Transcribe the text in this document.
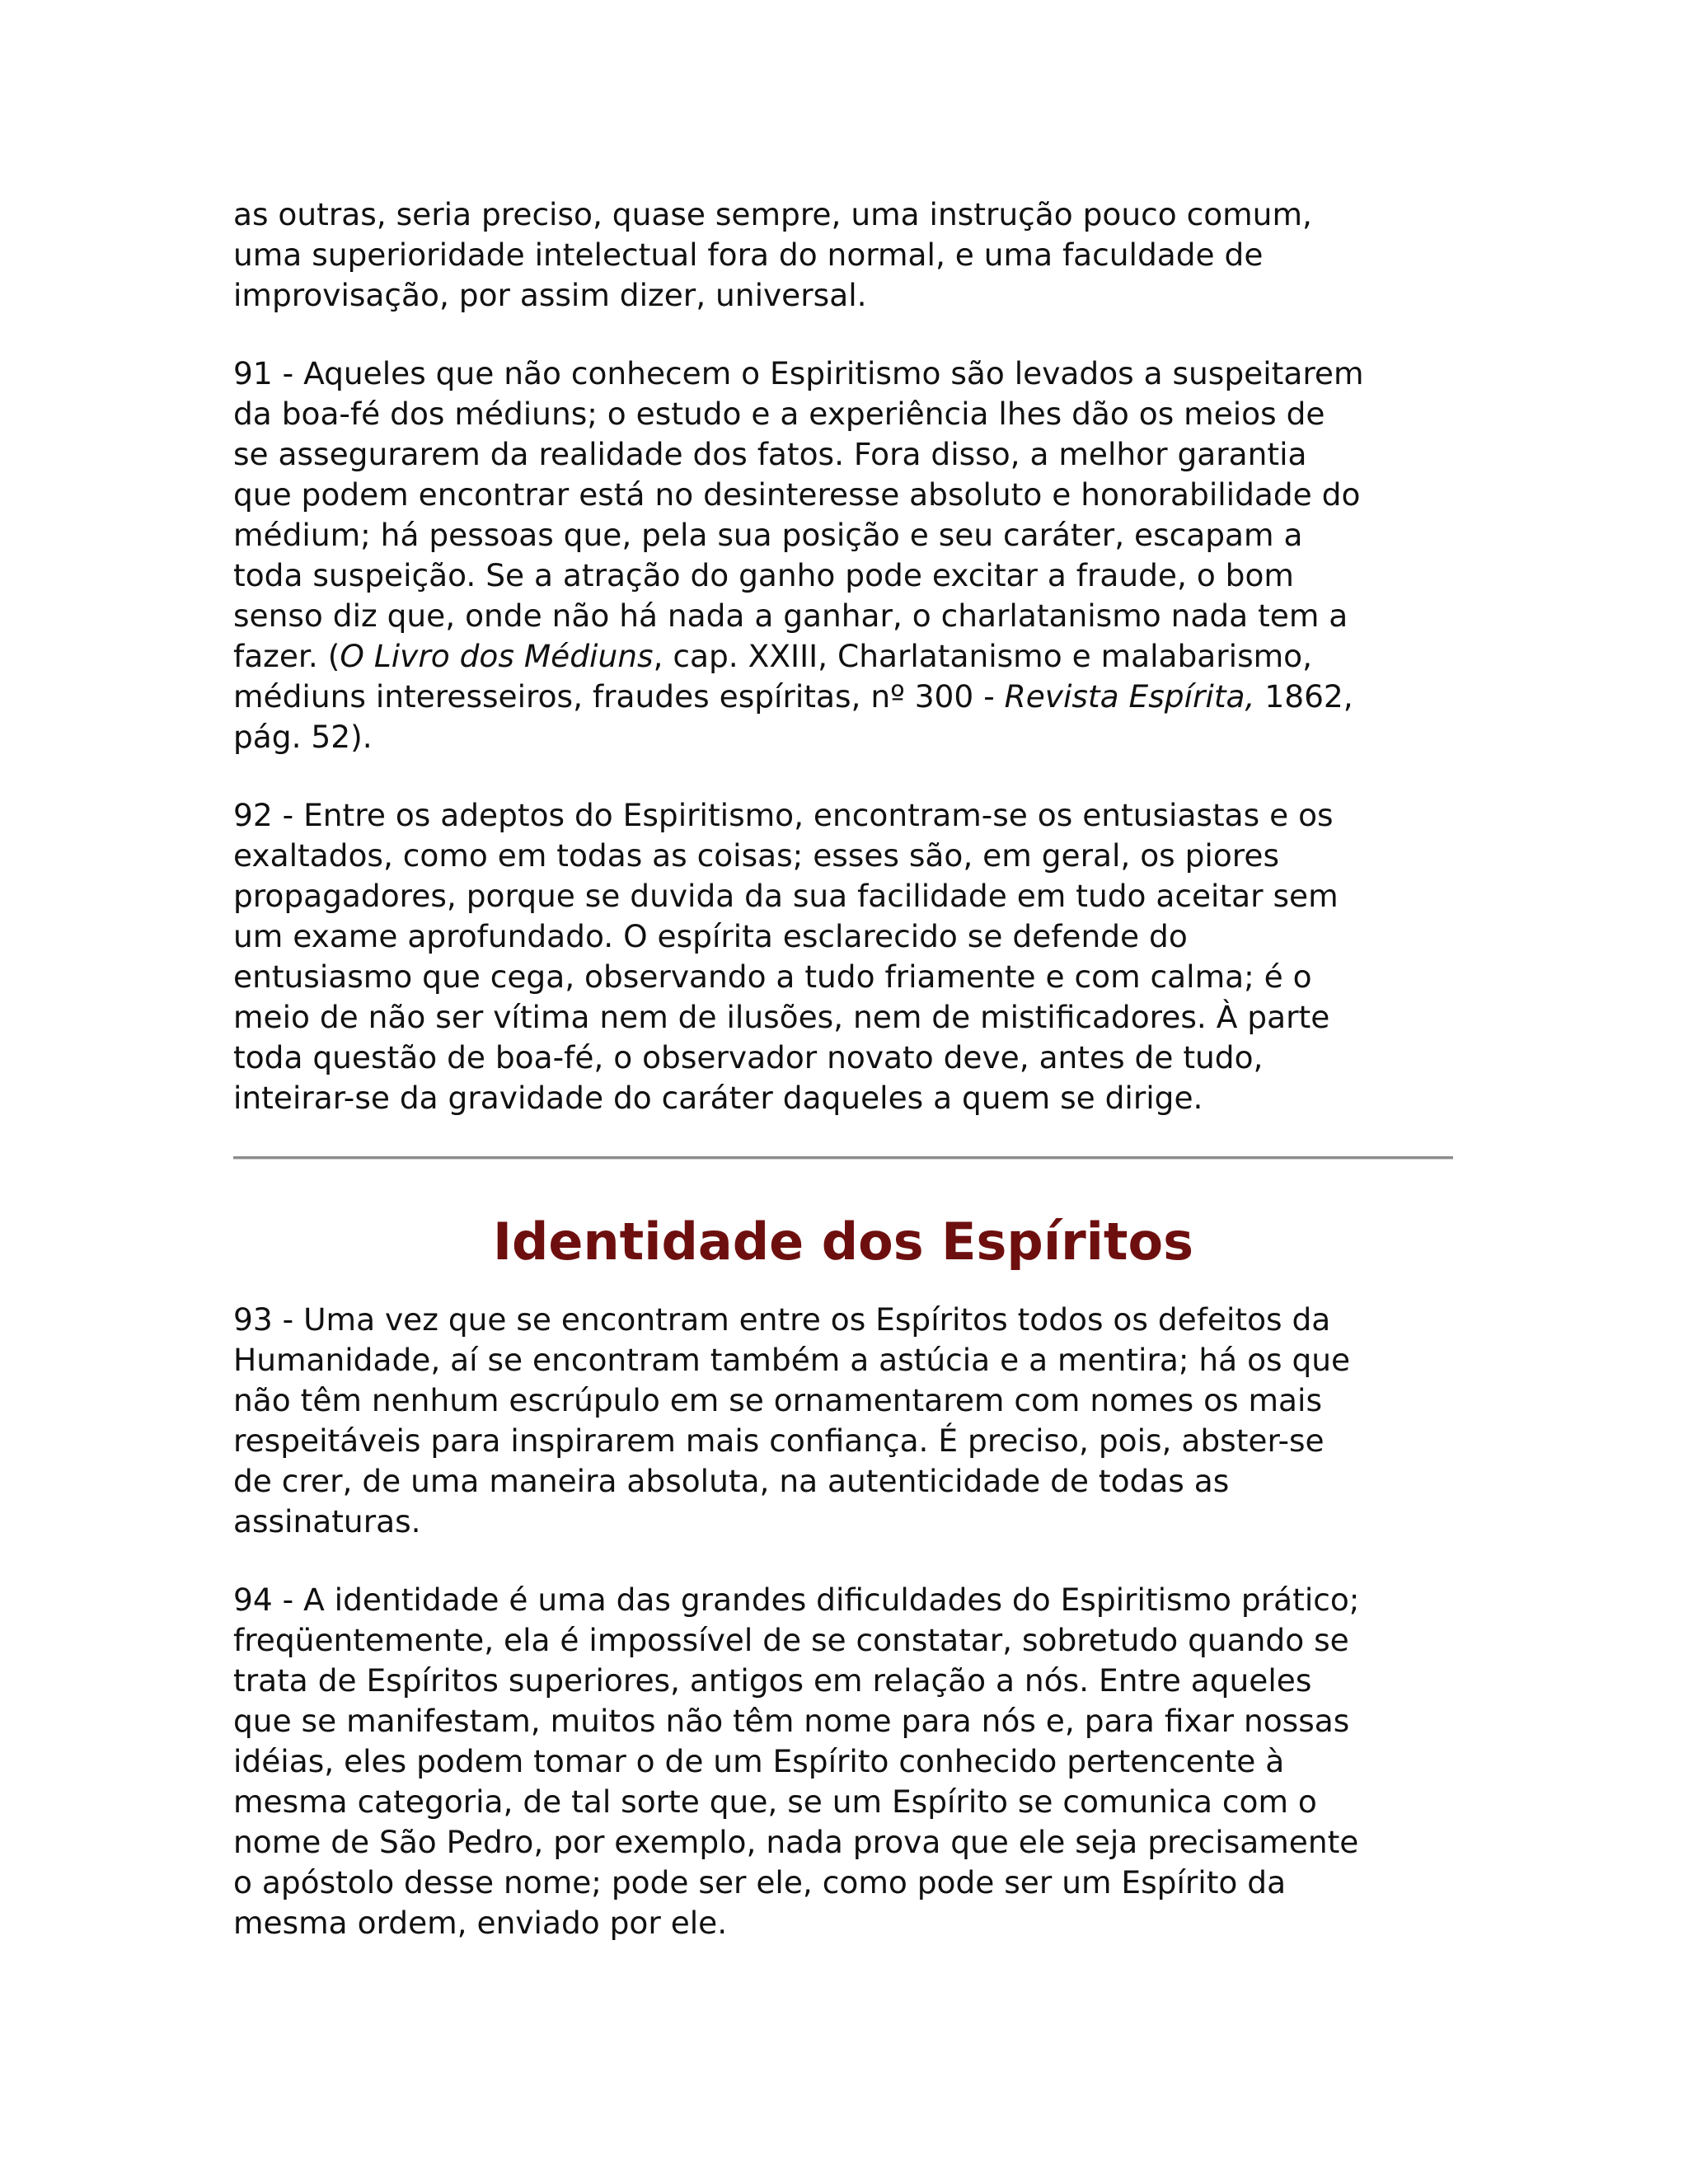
as outras, seria preciso, quase sempre, uma instrução pouco comum,
uma superioridade intelectual fora do normal, e uma faculdade de
improvisação, por assim dizer, universal.

91 - Aqueles que não conhecem o Espiritismo são levados a suspeitarem
da boa-fé dos médiuns; o estudo e a experiência lhes dão os meios de
se assegurarem da realidade dos fatos. Fora disso, a melhor garantia
que podem encontrar está no desinteresse absoluto e honorabilidade do
médium; há pessoas que, pela sua posição e seu caráter, escapam a
toda suspeição. Se a atração do ganho pode excitar a fraude, o bom
senso diz que, onde não há nada a ganhar, o charlatanismo nada tem a
fazer. (O Livro dos Médiuns, cap. XXIII, Charlatanismo e malabarismo,
médiuns interesseiros, fraudes espíritas, nº 300 - Revista Espírita, 1862,
pág. 52).

92 - Entre os adeptos do Espiritismo, encontram-se os entusiastas e os
exaltados, como em todas as coisas; esses são, em geral, os piores
propagadores, porque se duvida da sua facilidade em tudo aceitar sem
um exame aprofundado. O espírita esclarecido se defende do
entusiasmo que cega, observando a tudo friamente e com calma; é o
meio de não ser vítima nem de ilusões, nem de mistificadores. À parte
toda questão de boa-fé, o observador novato deve, antes de tudo,
inteirar-se da gravidade do caráter daqueles a quem se dirige.

Identidade dos Espíritos

93 - Uma vez que se encontram entre os Espíritos todos os defeitos da
Humanidade, aí se encontram também a astúcia e a mentira; há os que
não têm nenhum escrúpulo em se ornamentarem com nomes os mais
respeitáveis para inspirarem mais confiança. É preciso, pois, abster-se
de crer, de uma maneira absoluta, na autenticidade de todas as
assinaturas.

94 - A identidade é uma das grandes dificuldades do Espiritismo prático;
freqüentemente, ela é impossível de se constatar, sobretudo quando se
trata de Espíritos superiores, antigos em relação a nós. Entre aqueles
que se manifestam, muitos não têm nome para nós e, para fixar nossas
idéias, eles podem tomar o de um Espírito conhecido pertencente à
mesma categoria, de tal sorte que, se um Espírito se comunica com o
nome de São Pedro, por exemplo, nada prova que ele seja precisamente
o apóstolo desse nome; pode ser ele, como pode ser um Espírito da
mesma ordem, enviado por ele.
